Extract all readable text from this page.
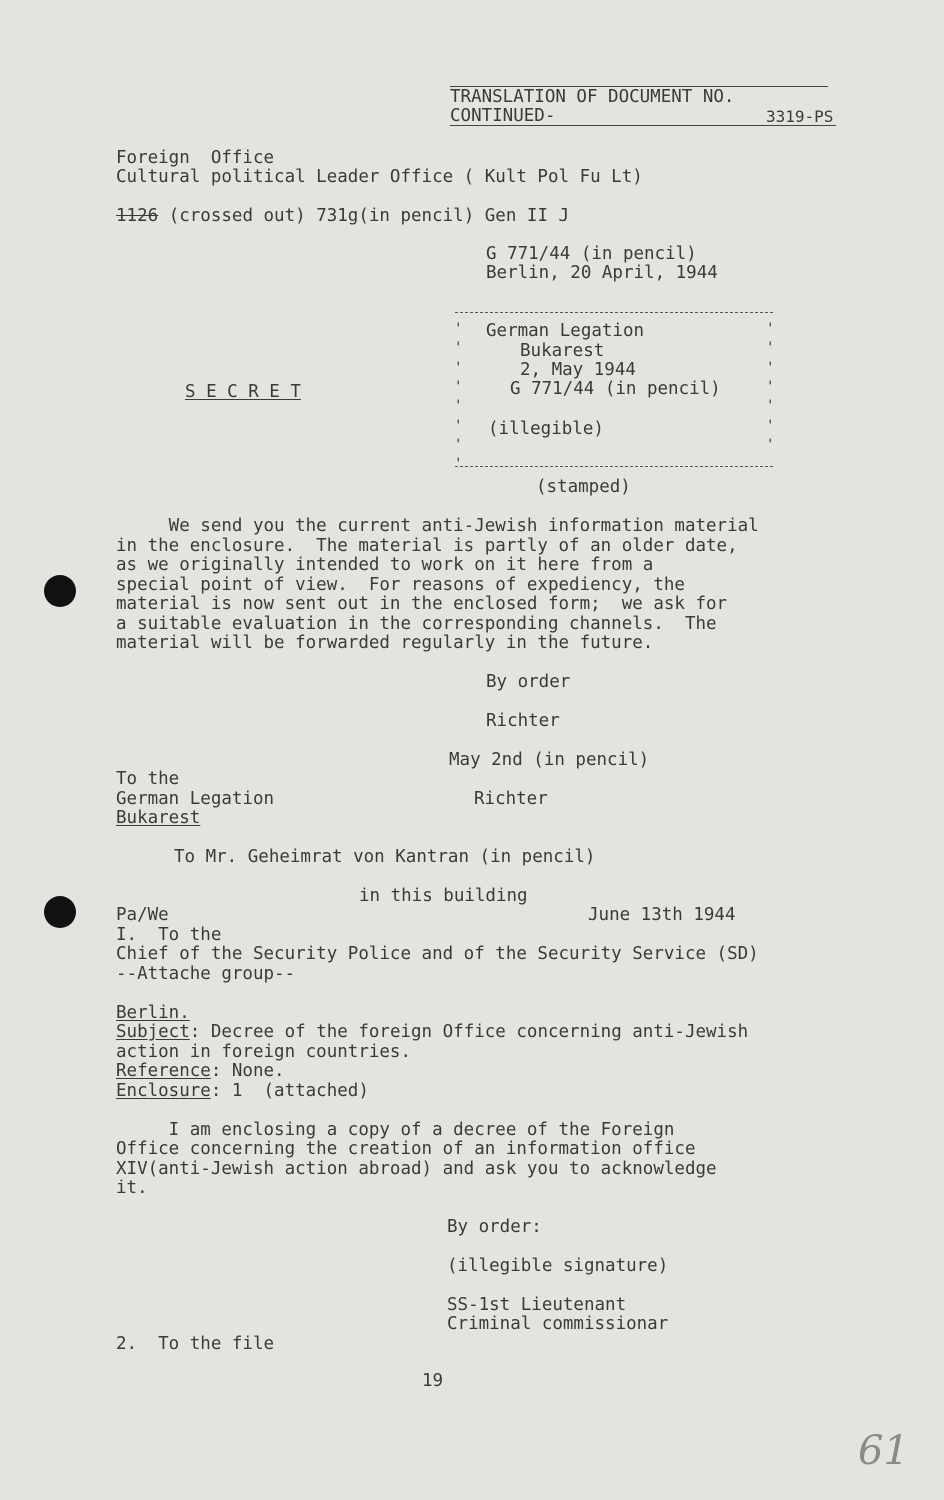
TRANSLATION OF DOCUMENT NO.

CONTINUED-	3319-PS

Foreign  Office

Cultural political Leader Office ( Kult Pol Fu Lt)

1126 (crossed out) 731g(in pencil) Gen II J

G 771/44 (in pencil)

Berlin, 20 April, 1944

'
'
'
'
'
'
'
'
'
'
'
'
'
'
'

German Legation

Bukarest

2, May 1944

G 771/44 (in pencil)

(illegible)

(stamped)

S E C R E T

We send you the current anti-Jewish information material

in the enclosure.  The material is partly of an older date,

as we originally intended to work on it here from a

special point of view.  For reasons of expediency, the

material is now sent out in the enclosed form;  we ask for

a suitable evaluation in the corresponding channels.  The

material will be forwarded regularly in the future.

By order

Richter

May 2nd (in pencil)

Richter

To the

German Legation

Bukarest

To Mr. Geheimrat von Kantran (in pencil)

in this building

Pa/We	June 13th 1944

I.  To the

Chief of the Security Police and of the Security Service (SD)

--Attache group--

Berlin.

Subject: Decree of the foreign Office concerning anti-Jewish

action in foreign countries.

Reference: None.

Enclosure: 1  (attached)

I am enclosing a copy of a decree of the Foreign

Office concerning the creation of an information office

XIV(anti-Jewish action abroad) and ask you to acknowledge

it.

By order:

(illegible signature)

SS-1st Lieutenant

Criminal commissionar

2.  To the file

19

61
